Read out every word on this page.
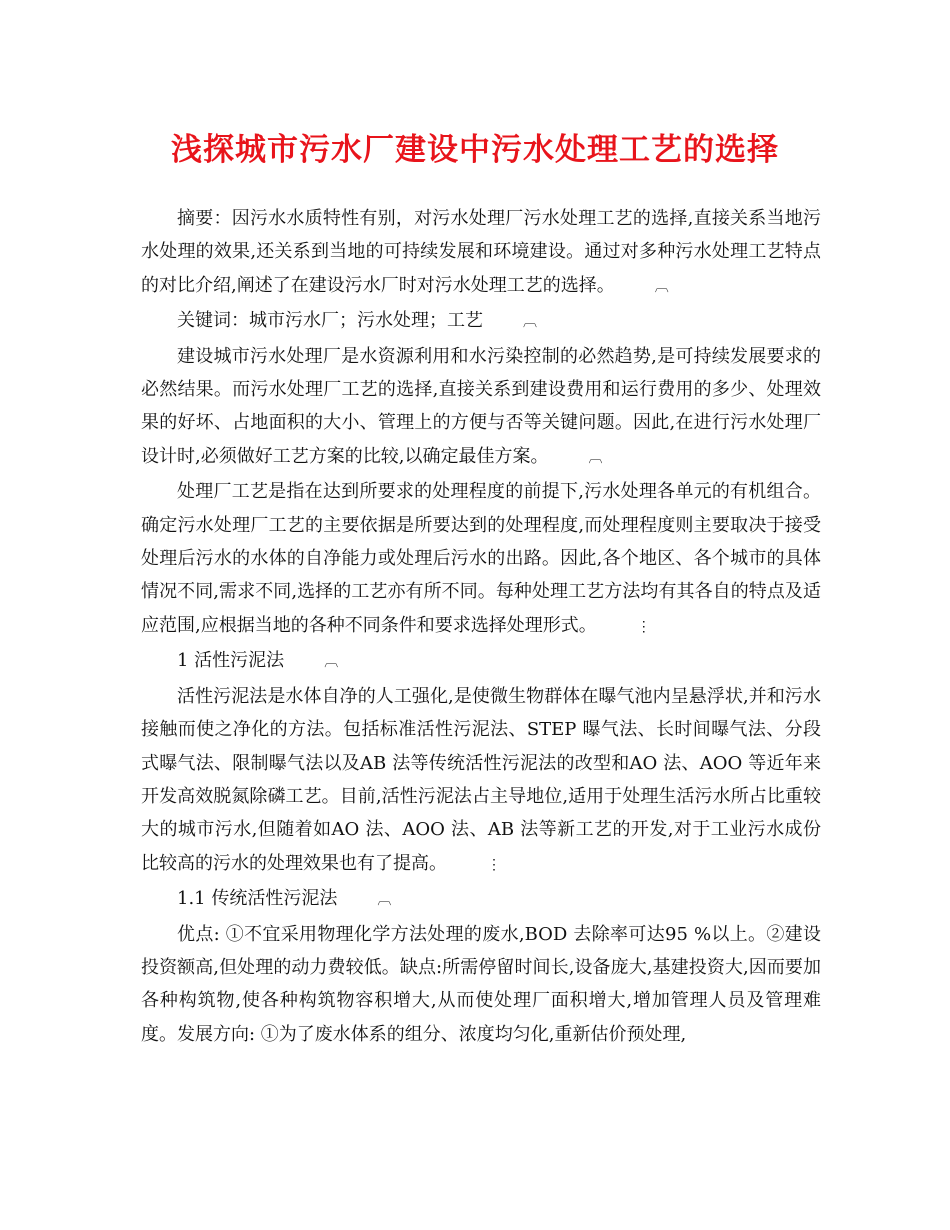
浅探城市污水厂建设中污水处理工艺的选择

摘要：因污水水质特性有别，对污水处理厂污水处理工艺的选择,直接关系当地污水处理的效果,还关系到当地的可持续发展和环境建设。通过对多种污水处理工艺特点的对比介绍,阐述了在建设污水厂时对污水处理工艺的选择。	︹

关键词：城市污水厂；污水处理；工艺	︹

建设城市污水处理厂是水资源利用和水污染控制的必然趋势,是可持续发展要求的必然结果。而污水处理厂工艺的选择,直接关系到建设费用和运行费用的多少、处理效果的好坏、占地面积的大小、管理上的方便与否等关键问题。因此,在进行污水处理厂设计时,必须做好工艺方案的比较,以确定最佳方案。	︹

处理厂工艺是指在达到所要求的处理程度的前提下,污水处理各单元的有机组合。确定污水处理厂工艺的主要依据是所要达到的处理程度,而处理程度则主要取决于接受处理后污水的水体的自净能力或处理后污水的出路。因此,各个地区、各个城市的具体情况不同,需求不同,选择的工艺亦有所不同。每种处理工艺方法均有其各自的特点及适应范围,应根据当地的各种不同条件和要求选择处理形式。	⋮

1 活性污泥法	︹

活性污泥法是水体自净的人工强化,是使微生物群体在曝气池内呈悬浮状,并和污水接触而使之净化的方法。包括标准活性污泥法、STEP 曝气法、长时间曝气法、分段式曝气法、限制曝气法以及AB 法等传统活性污泥法的改型和AO 法、AOO 等近年来开发高效脱氮除磷工艺。目前,活性污泥法占主导地位,适用于处理生活污水所占比重较大的城市污水,但随着如AO 法、AOO 法、AB 法等新工艺的开发,对于工业污水成份比较高的污水的处理效果也有了提高。	⋮

1.1 传统活性污泥法	︹

优点: ①不宜采用物理化学方法处理的废水,BOD 去除率可达95 %以上。②建设投资额高,但处理的动力费较低。缺点:所需停留时间长,设备庞大,基建投资大,因而要加各种构筑物,使各种构筑物容积增大,从而使处理厂面积增大,增加管理人员及管理难度。发展方向: ①为了废水体系的组分、浓度均匀化,重新估价预处理,
